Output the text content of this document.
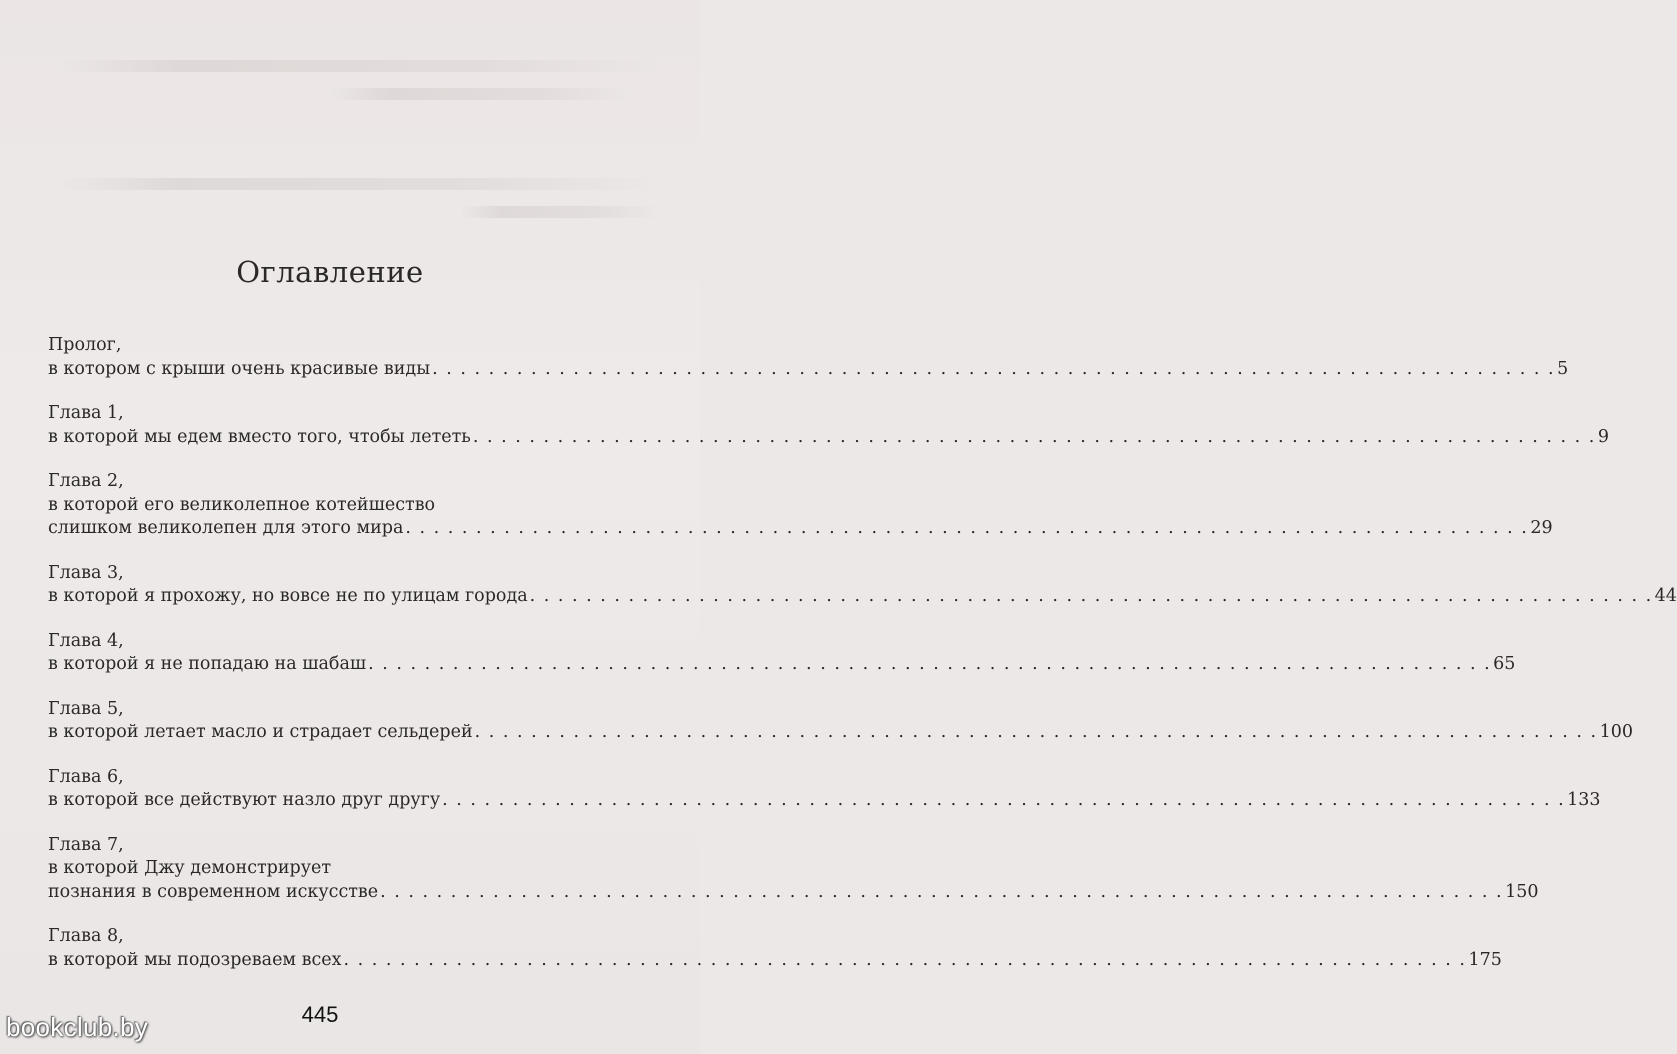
Оглавление
Пролог,
в котором с крыши очень красивые виды . . . . . . . . . . . . . . . . . . . . . . . . . . . . . . . . . . . . . . . . . . . . . . . . . . . . . . . . . . . . . . . . . . . . . . . . . . . . . . . . 5
Глава 1,
в которой мы едем вместо того, чтобы лететь . . . . . . . . . . . . . . . . . . . . . . . . . . . . . . . . . . . . . . . . . . . . . . . . . . . . . . . . . . . . . . . . . . . . . . . . . . . . . . . . 9
Глава 2,
в которой его великолепное котейшество
слишком великолепен для этого мира . . . . . . . . . . . . . . . . . . . . . . . . . . . . . . . . . . . . . . . . . . . . . . . . . . . . . . . . . . . . . . . . . . . . . . . . . . . . . . . . 29
Глава 3,
в которой я прохожу, но вовсе не по улицам города . . . . . . . . . . . . . . . . . . . . . . . . . . . . . . . . . . . . . . . . . . . . . . . . . . . . . . . . . . . . . . . . . . . . . . . . . . . . . . . . 44
Глава 4,
в которой я не попадаю на шабаш . . . . . . . . . . . . . . . . . . . . . . . . . . . . . . . . . . . . . . . . . . . . . . . . . . . . . . . . . . . . . . . . . . . . . . . . . . . . . . . . 65
Глава 5,
в которой летает масло и страдает сельдерей . . . . . . . . . . . . . . . . . . . . . . . . . . . . . . . . . . . . . . . . . . . . . . . . . . . . . . . . . . . . . . . . . . . . . . . . . . . . . . . . 100
Глава 6,
в которой все действуют назло друг другу . . . . . . . . . . . . . . . . . . . . . . . . . . . . . . . . . . . . . . . . . . . . . . . . . . . . . . . . . . . . . . . . . . . . . . . . . . . . . . . . 133
Глава 7,
в которой Джу демонстрирует
познания в современном искусстве . . . . . . . . . . . . . . . . . . . . . . . . . . . . . . . . . . . . . . . . . . . . . . . . . . . . . . . . . . . . . . . . . . . . . . . . . . . . . . . . 150
Глава 8,
в которой мы подозреваем всех . . . . . . . . . . . . . . . . . . . . . . . . . . . . . . . . . . . . . . . . . . . . . . . . . . . . . . . . . . . . . . . . . . . . . . . . . . . . . . . . 175
445
bookclub.by
